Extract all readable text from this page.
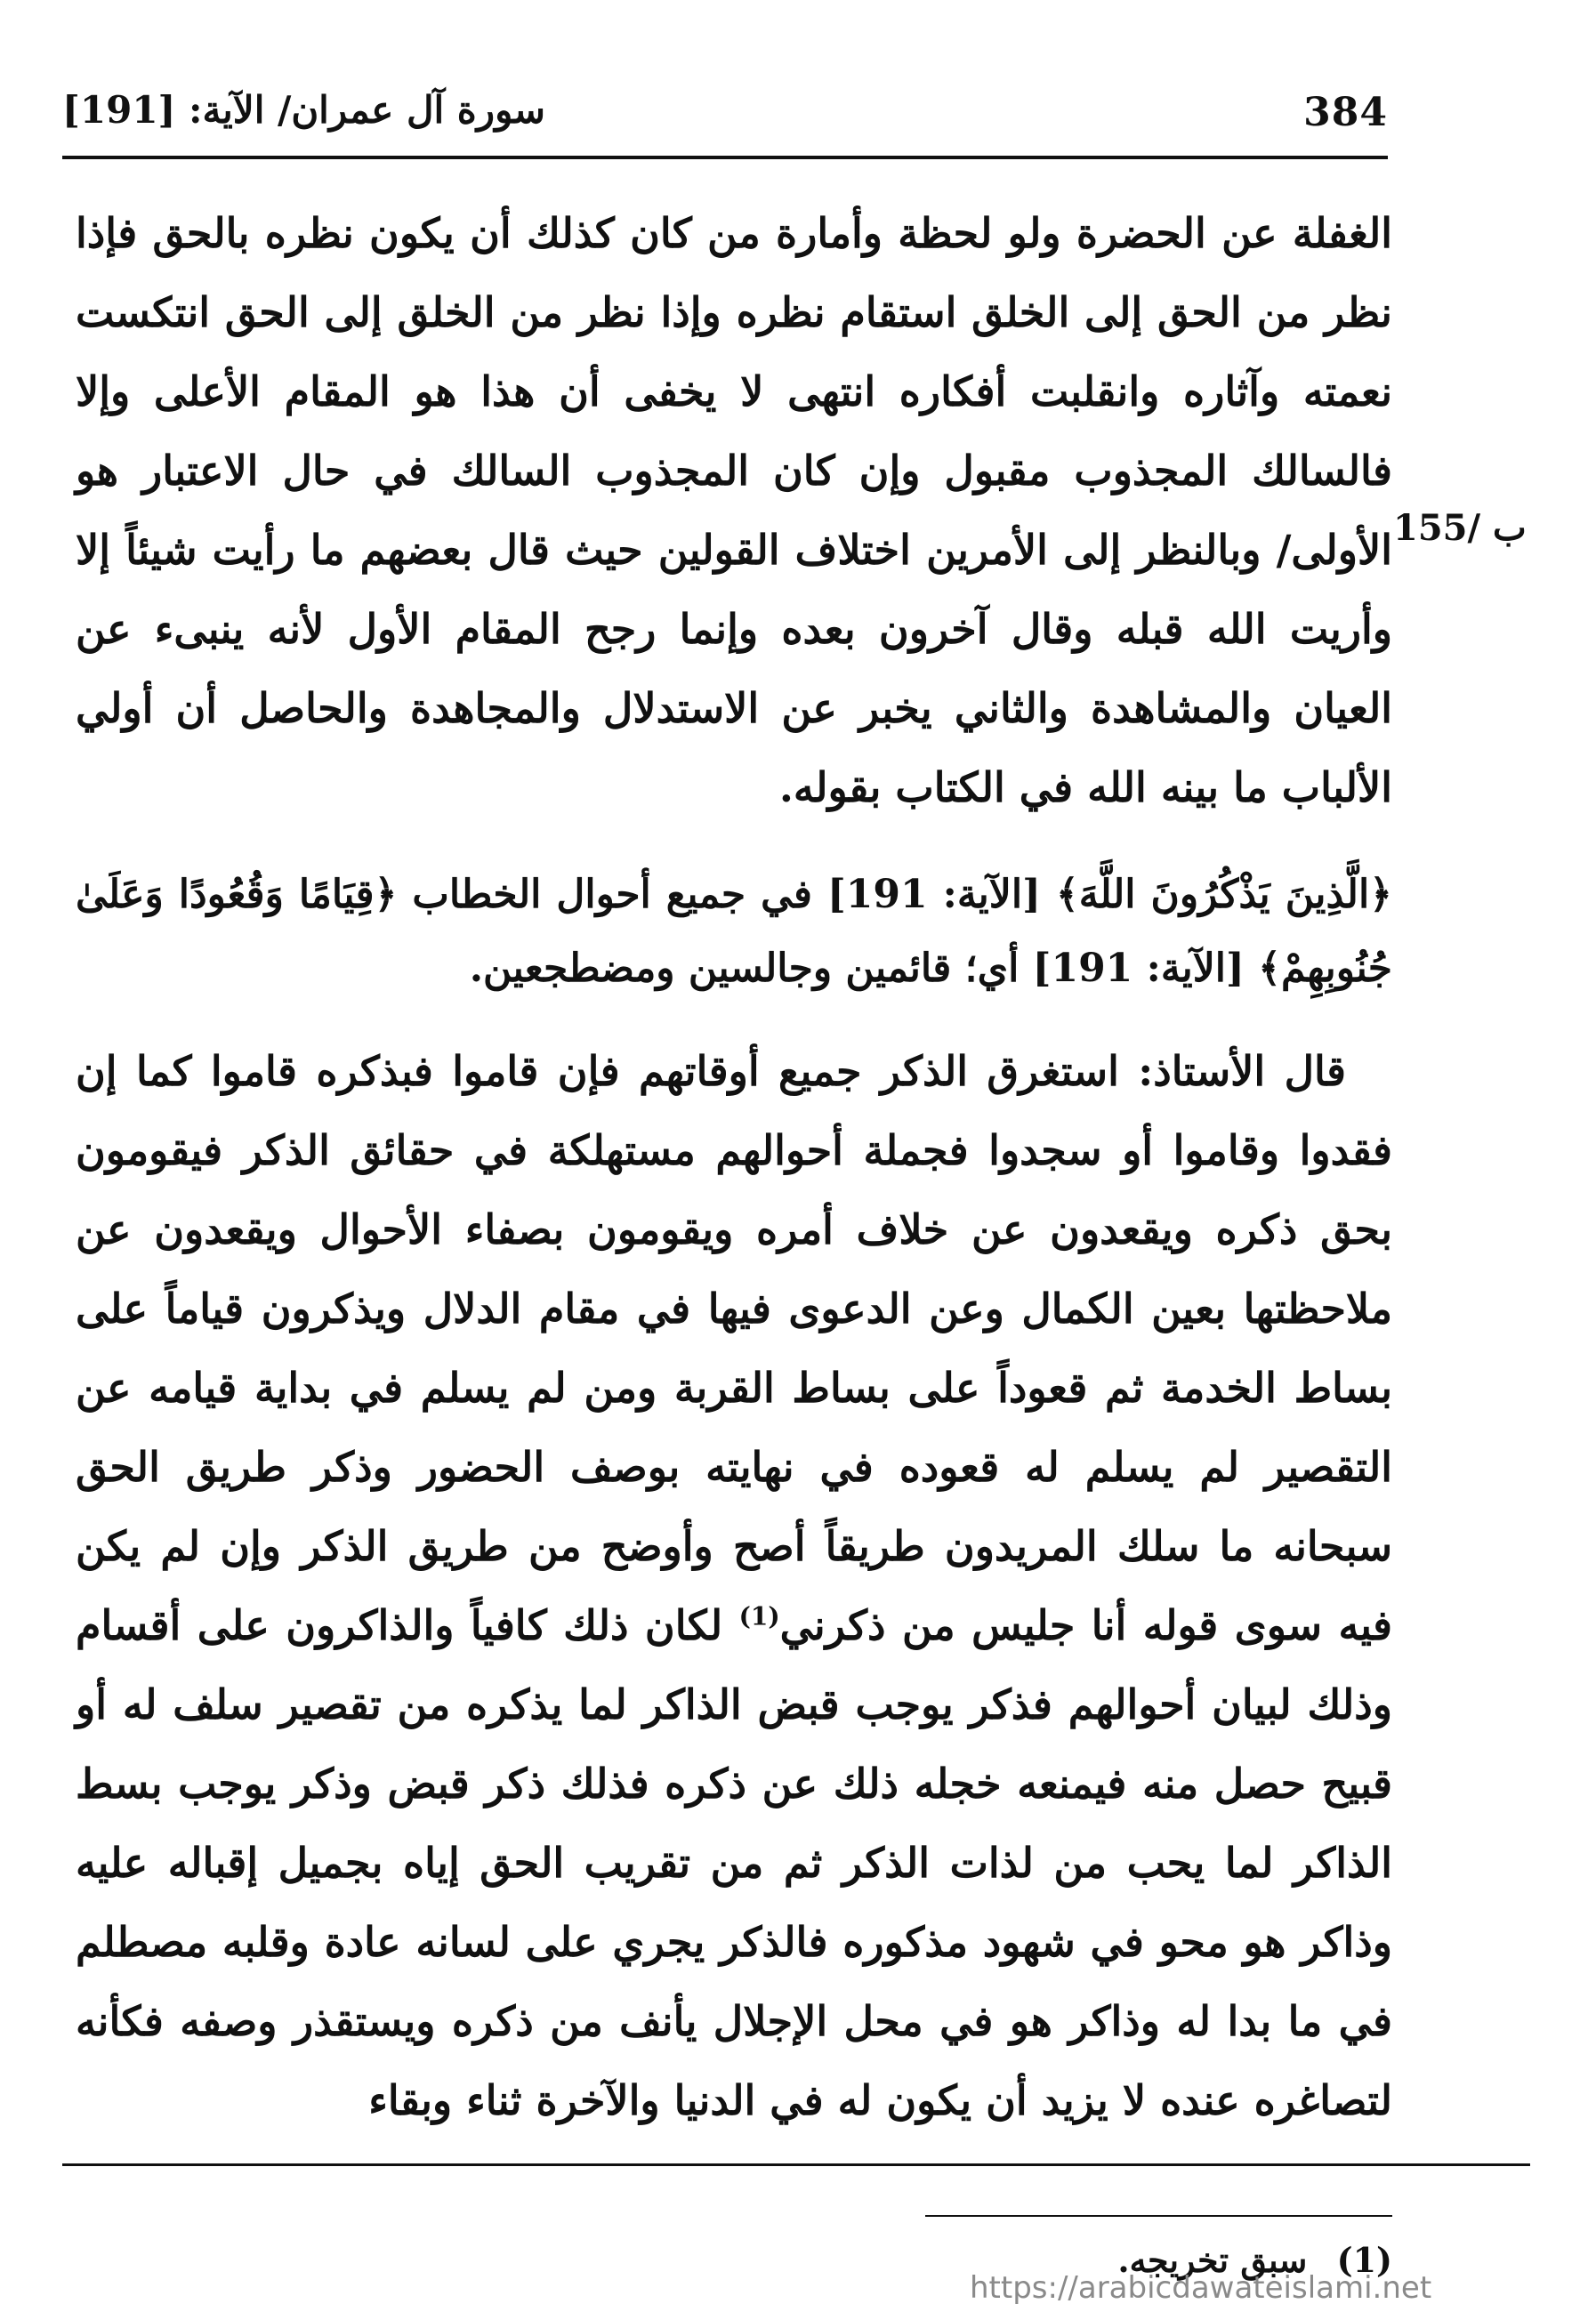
سورة آل عمران/ الآية: [191]	384
155/ ب

الغفلة عن الحضرة ولو لحظة وأمارة من كان كذلك أن يكون نظره بالحق فإذا نظر من الحق إلى الخلق استقام نظره وإذا نظر من الخلق إلى الحق انتكست نعمته وآثاره وانقلبت أفكاره انتهى لا يخفى أن هذا هو المقام الأعلى وإلا فالسالك المجذوب مقبول وإن كان المجذوب السالك في حال الاعتبار هو الأولى/ وبالنظر إلى الأمرين اختلاف القولين حيث قال بعضهم ما رأيت شيئاً إلا وأريت الله قبله وقال آخرون بعده وإنما رجح المقام الأول لأنه ينبىء عن العيان والمشاهدة والثاني يخبر عن الاستدلال والمجاهدة والحاصل أن أولي الألباب ما بينه الله في الكتاب بقوله.

﴿الَّذِينَ يَذْكُرُونَ اللَّهَ﴾ [الآية: 191] في جميع أحوال الخطاب ﴿قِيَامًا وَقُعُودًا وَعَلَىٰ جُنُوبِهِمْ﴾ [الآية: 191] أي؛ قائمين وجالسين ومضطجعين.

قال الأستاذ: استغرق الذكر جميع أوقاتهم فإن قاموا فبذكره قاموا كما إن فقدوا وقاموا أو سجدوا فجملة أحوالهم مستهلكة في حقائق الذكر فيقومون بحق ذكره ويقعدون عن خلاف أمره ويقومون بصفاء الأحوال ويقعدون عن ملاحظتها بعين الكمال وعن الدعوى فيها في مقام الدلال ويذكرون قياماً على بساط الخدمة ثم قعوداً على بساط القربة ومن لم يسلم في بداية قيامه عن التقصير لم يسلم له قعوده في نهايته بوصف الحضور وذكر طريق الحق سبحانه ما سلك المريدون طريقاً أصح وأوضح من طريق الذكر وإن لم يكن فيه سوى قوله أنا جليس من ذكرني$^{(1)}$ لكان ذلك كافياً والذاكرون على أقسام وذلك لبيان أحوالهم فذكر يوجب قبض الذاكر لما يذكره من تقصير سلف له أو قبيح حصل منه فيمنعه خجله ذلك عن ذكره فذلك ذكر قبض وذكر يوجب بسط الذاكر لما يحب من لذات الذكر ثم من تقريب الحق إياه بجميل إقباله عليه وذاكر هو محو في شهود مذكوره فالذكر يجري على لسانه عادة وقلبه مصطلم في ما بدا له وذاكر هو في محل الإجلال يأنف من ذكره ويستقذر وصفه فكأنه لتصاغره عنده لا يزيد أن يكون له في الدنيا والآخرة ثناء وبقاء

(1) سبق تخريجه.
https://arabicdawateislami.net
